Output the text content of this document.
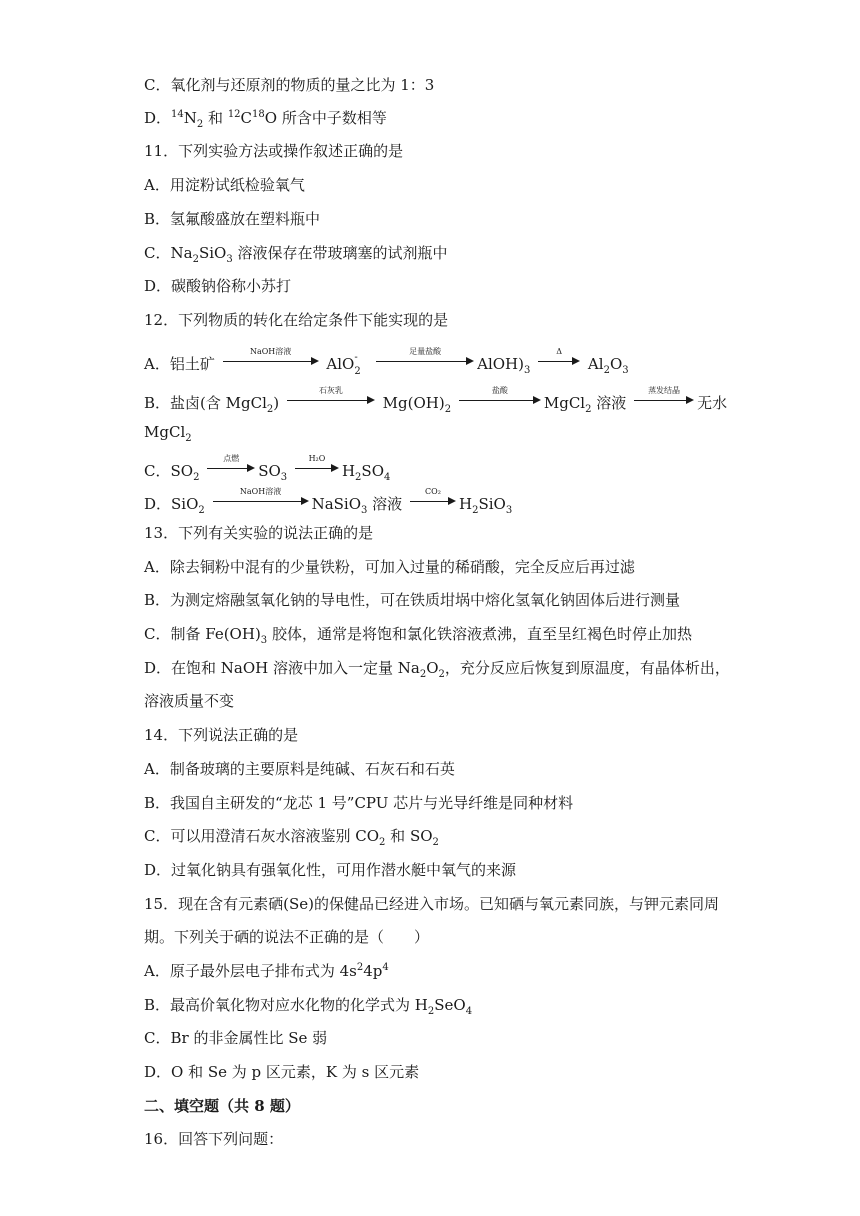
C．氧化剂与还原剂的物质的量之比为 1：3
D．$^{14}N_2$ 和 $^{12}C^{18}O$ 所含中子数相等
11．下列实验方法或操作叙述正确的是
A．用淀粉试纸检验氧气
B．氢氟酸盛放在塑料瓶中
C．$Na_2SiO_3$ 溶液保存在带玻璃塞的试剂瓶中
D．碳酸钠俗称小苏打
12．下列物质的转化在给定条件下能实现的是
A．铝土矿
NaOH溶液
AlO -
2

足量盐酸
$AlOH)_3$
Δ
$Al_2O_3$
B．盐卤(含 MgCl$_2$)
石灰乳
$Mg(OH)_2$
盐酸
MgCl$_2$ 溶液
蒸发结晶
无水
MgCl$_2$
C．$SO_2$
点燃
$SO_3$
H₂O
$H_2SO_4$
D．SiO$_2$
NaOH溶液
NaSiO$_3$ 溶液
CO₂
$H_2SiO_3$
13．下列有关实验的说法正确的是
A．除去铜粉中混有的少量铁粉，可加入过量的稀硝酸，完全反应后再过滤
B．为测定熔融氢氧化钠的导电性，可在铁质坩埚中熔化氢氧化钠固体后进行测量
C．制备 $Fe(OH)_3$ 胶体，通常是将饱和氯化铁溶液煮沸，直至呈红褐色时停止加热
D．在饱和 NaOH 溶液中加入一定量 $Na_2O_2$，充分反应后恢复到原温度，有晶体析出，
溶液质量不变
14．下列说法正确的是
A．制备玻璃的主要原料是纯碱、石灰石和石英
B．我国自主研发的“龙芯 1 号”CPU 芯片与光导纤维是同种材料
C．可以用澄清石灰水溶液鉴别 $CO_2$ 和 $SO_2$
D．过氧化钠具有强氧化性，可用作潜水艇中氧气的来源
15．现在含有元素硒(Se)的保健品已经进入市场。已知硒与氧元素同族，与钾元素同周
期。下列关于硒的说法不正确的是（　　）
A．原子最外层电子排布式为 $4s^24p^4$
B．最高价氧化物对应水化物的化学式为 $H_2SeO_4$
C．Br 的非金属性比 Se 弱
D．O 和 Se 为 p 区元素，K 为 s 区元素
二、填空题（共 8 题）
16．回答下列问题：
